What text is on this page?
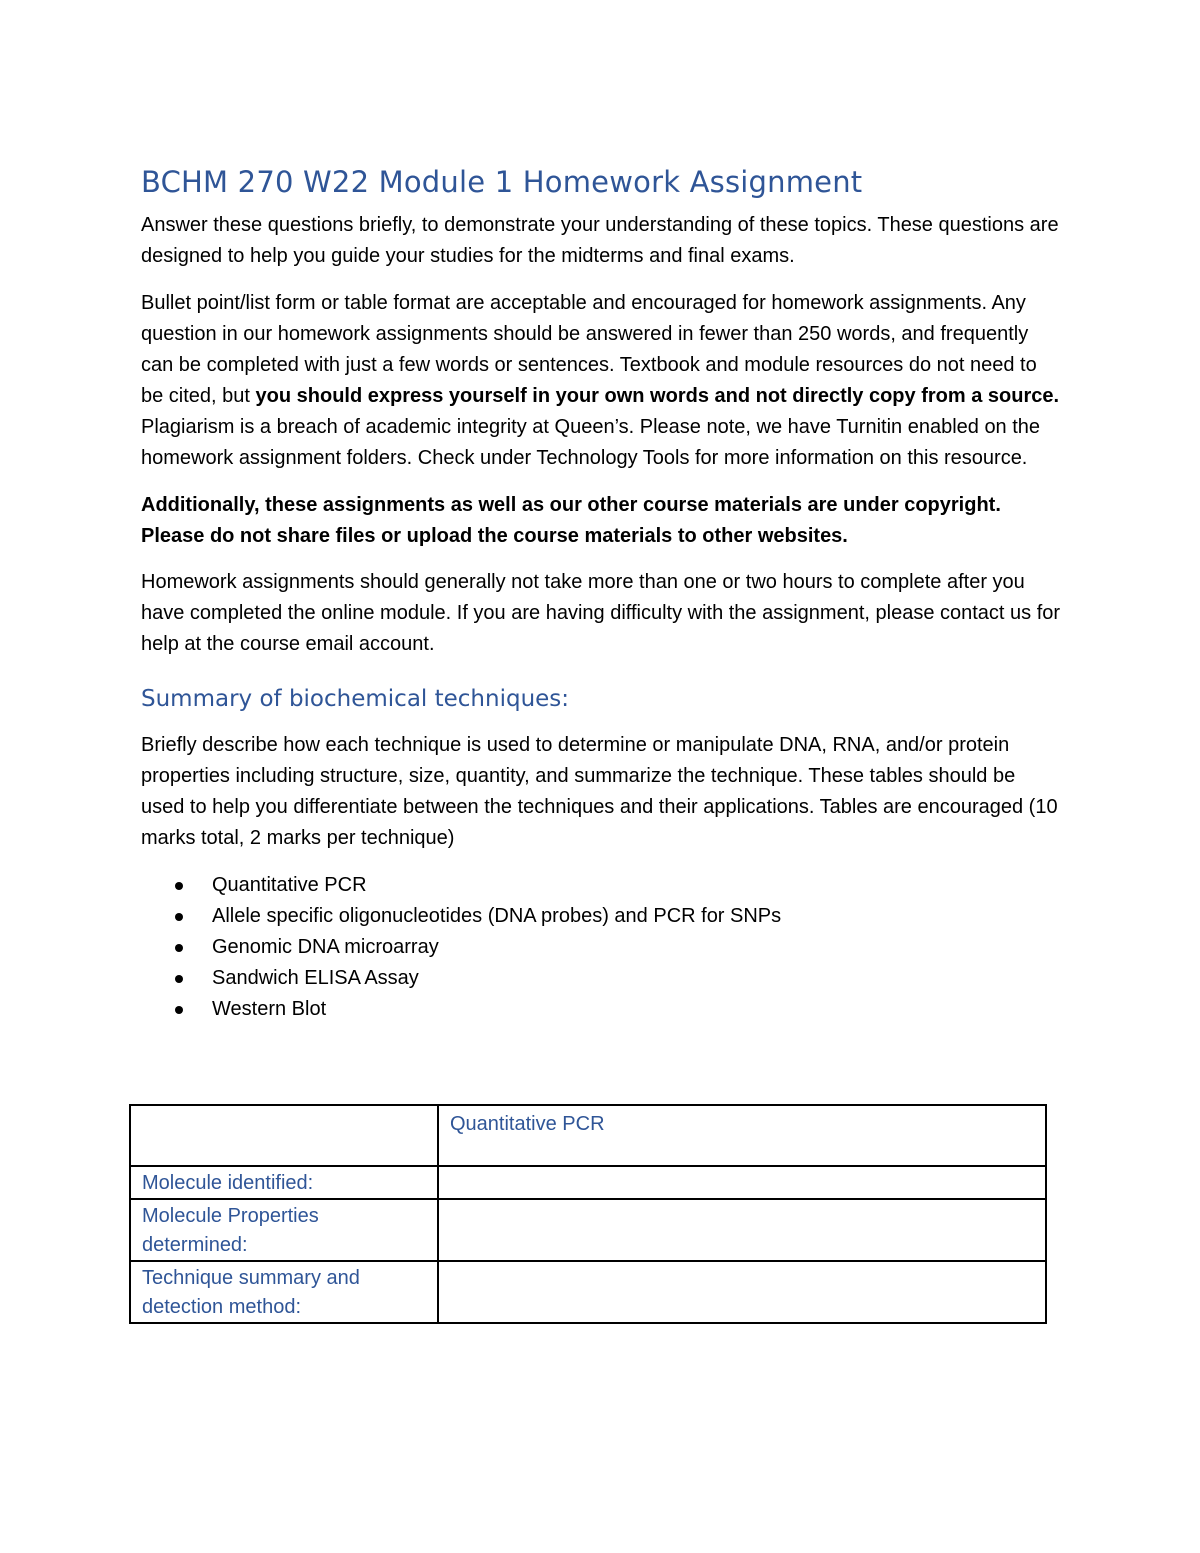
BCHM 270 W22 Module 1 Homework Assignment

Answer these questions briefly, to demonstrate your understanding of these topics. These questions are designed to help you guide your studies for the midterms and final exams.

Bullet point/list form or table format are acceptable and encouraged for homework assignments. Any question in our homework assignments should be answered in fewer than 250 words, and frequently can be completed with just a few words or sentences. Textbook and module resources do not need to be cited, but you should express yourself in your own words and not directly copy from a source. Plagiarism is a breach of academic integrity at Queen’s. Please note, we have Turnitin enabled on the homework assignment folders. Check under Technology Tools for more information on this resource.

Additionally, these assignments as well as our other course materials are under copyright. Please do not share files or upload the course materials to other websites.

Homework assignments should generally not take more than one or two hours to complete after you have completed the online module. If you are having difficulty with the assignment, please contact us for help at the course email account.

Summary of biochemical techniques:

Briefly describe how each technique is used to determine or manipulate DNA, RNA, and/or protein properties including structure, size, quantity, and summarize the technique. These tables should be used to help you differentiate between the techniques and their applications. Tables are encouraged (10 marks total, 2 marks per technique)

Quantitative PCR
Allele specific oligonucleotides (DNA probes) and PCR for SNPs
Genomic DNA microarray
Sandwich ELISA Assay
Western Blot
	Quantitative PCR
Molecule identified:	
Molecule Properties determined:	
Technique summary and detection method:	
